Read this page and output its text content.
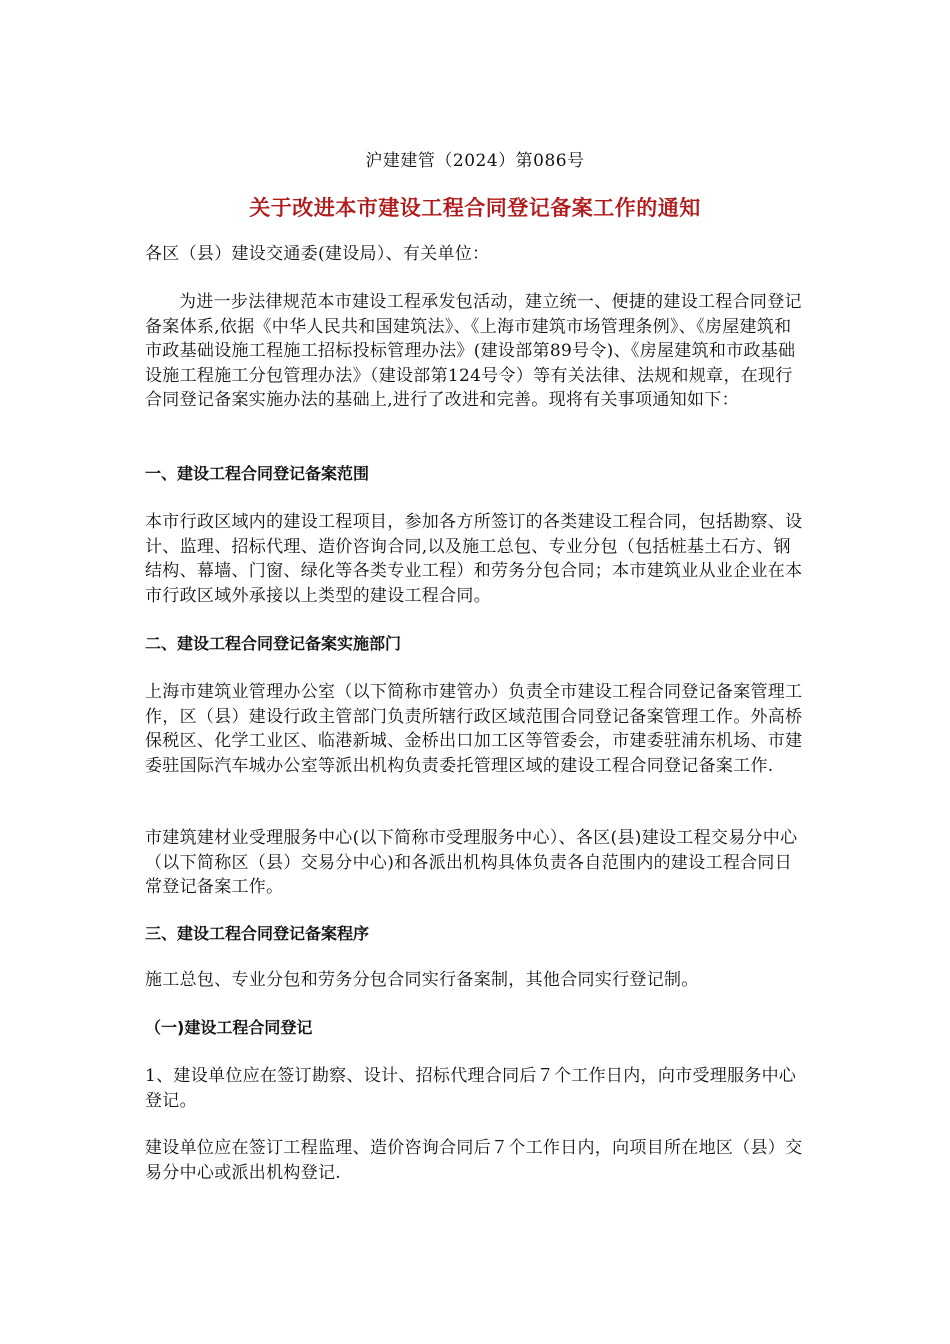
沪建建管（2024）第086号
关于改进本市建设工程合同登记备案工作的通知

各区（县）建设交通委(建设局）、有关单位：

为进一步法律规范本市建设工程承发包活动，建立统一、便捷的建设工程合同登记备案体系,依据《中华人民共和国建筑法》、《上海市建筑市场管理条例》、《房屋建筑和市政基础设施工程施工招标投标管理办法》(建设部第89号令)、《房屋建筑和市政基础设施工程施工分包管理办法》（建设部第124号令）等有关法律、法规和规章，在现行合同登记备案实施办法的基础上,进行了改进和完善。现将有关事项通知如下：

一、建设工程合同登记备案范围

本市行政区域内的建设工程项目，参加各方所签订的各类建设工程合同，包括勘察、设计、监理、招标代理、造价咨询合同,以及施工总包、专业分包（包括桩基土石方、钢结构、幕墙、门窗、绿化等各类专业工程）和劳务分包合同；本市建筑业从业企业在本市行政区域外承接以上类型的建设工程合同。

二、建设工程合同登记备案实施部门

上海市建筑业管理办公室（以下简称市建管办）负责全市建设工程合同登记备案管理工作，区（县）建设行政主管部门负责所辖行政区域范围合同登记备案管理工作。外高桥保税区、化学工业区、临港新城、金桥出口加工区等管委会，市建委驻浦东机场、市建委驻国际汽车城办公室等派出机构负责委托管理区域的建设工程合同登记备案工作.

市建筑建材业受理服务中心(以下简称市受理服务中心）、各区(县)建设工程交易分中心（以下简称区（县）交易分中心)和各派出机构具体负责各自范围内的建设工程合同日常登记备案工作。

三、建设工程合同登记备案程序

施工总包、专业分包和劳务分包合同实行备案制，其他合同实行登记制。

（一)建设工程合同登记

1、建设单位应在签订勘察、设计、招标代理合同后７个工作日内，向市受理服务中心登记。

建设单位应在签订工程监理、造价咨询合同后７个工作日内，向项目所在地区（县）交易分中心或派出机构登记.
